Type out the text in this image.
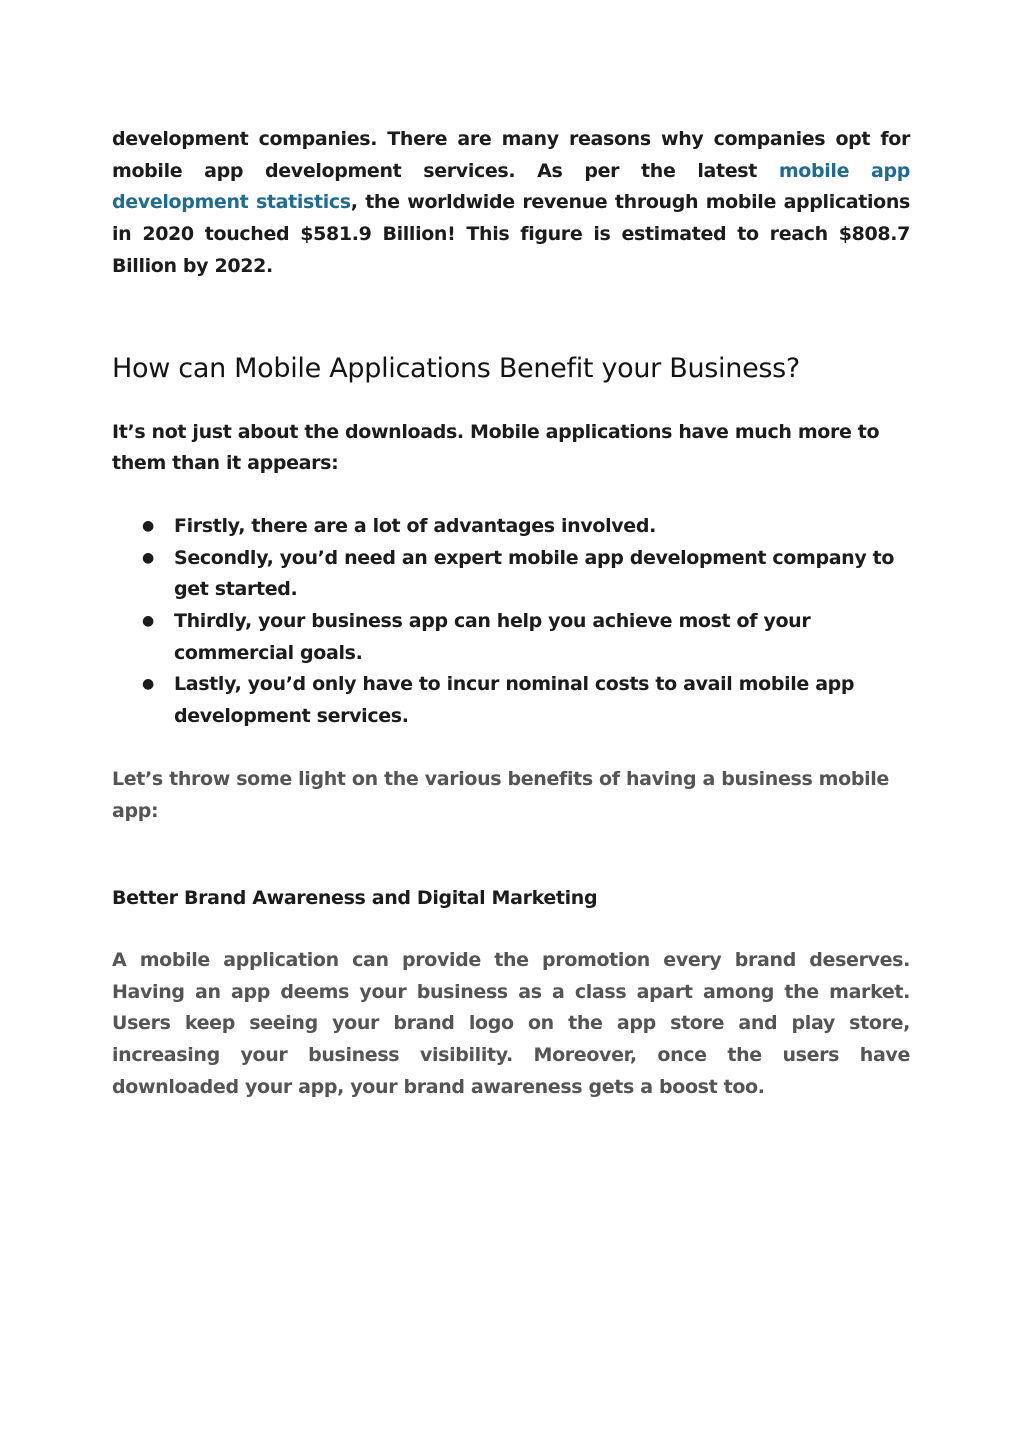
development companies. There are many reasons why companies opt for mobile app development services. As per the latest mobile app development statistics, the worldwide revenue through mobile applications in 2020 touched $581.9 Billion! This figure is estimated to reach $808.7 Billion by 2022.

How can Mobile Applications Benefit your Business?

It’s not just about the downloads. Mobile applications have much more to them than it appears:

● Firstly, there are a lot of advantages involved.
● Secondly, you’d need an expert mobile app development company to get started.
● Thirdly, your business app can help you achieve most of your commercial goals.
● Lastly, you’d only have to incur nominal costs to avail mobile app development services.

Let’s throw some light on the various benefits of having a business mobile app:

Better Brand Awareness and Digital Marketing

A mobile application can provide the promotion every brand deserves. Having an app deems your business as a class apart among the market. Users keep seeing your brand logo on the app store and play store, increasing your business visibility. Moreover, once the users have downloaded your app, your brand awareness gets a boost too.
